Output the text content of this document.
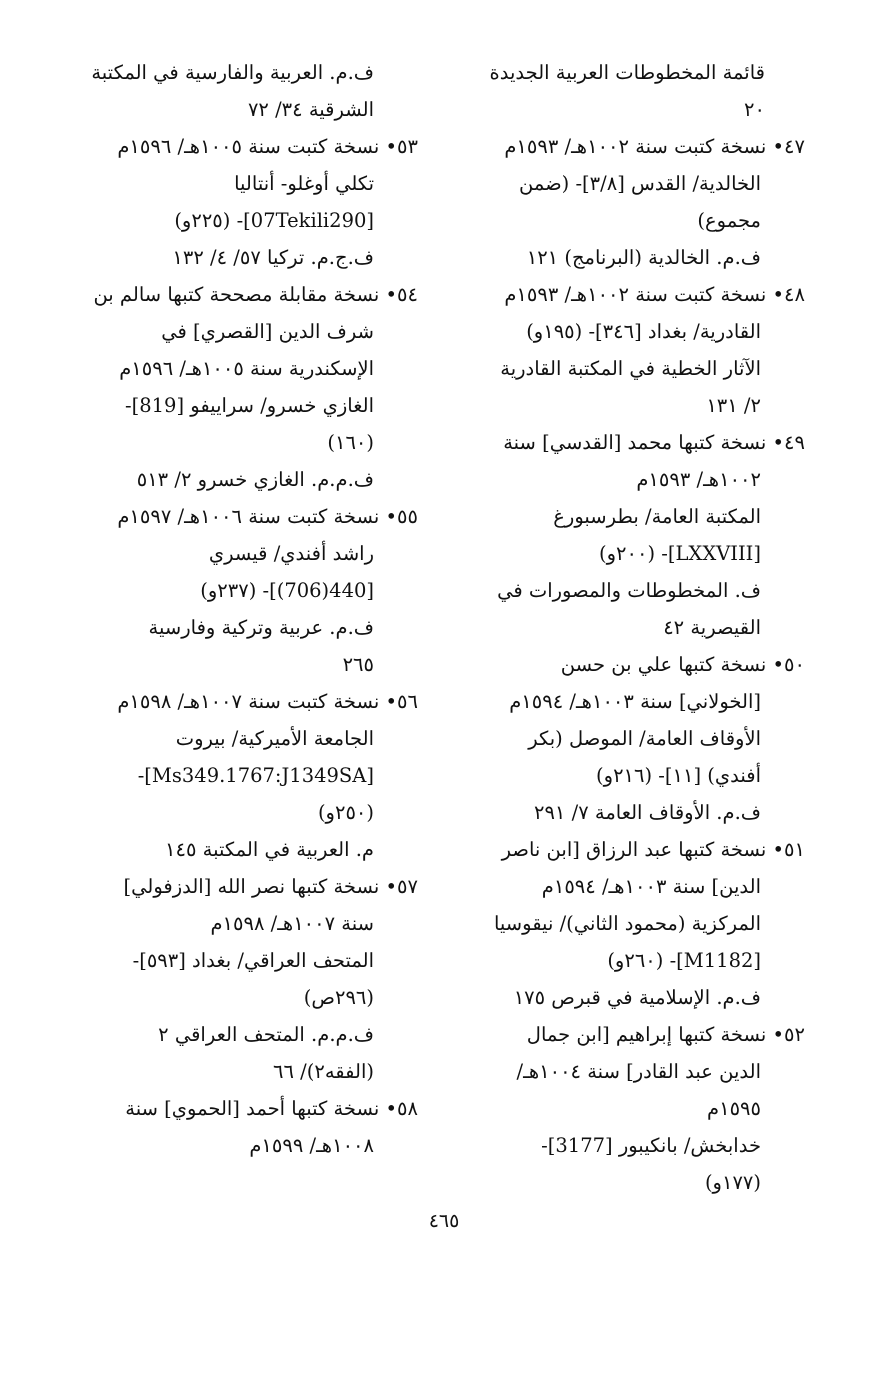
قائمة المخطوطات العربية الجديدة
٢٠
٤٧• نسخة كتبت سنة ١٠٠٢هـ/ ١٥٩٣م
الخالدية/ القدس [٣/٨]- (ضمن
مجموع)
ف.م. الخالدية (البرنامج) ١٢١
٤٨• نسخة كتبت سنة ١٠٠٢هـ/ ١٥٩٣م
القادرية/ بغداد [٣٤٦]- (١٩٥و)
الآثار الخطية في المكتبة القادرية
٢/ ١٣١
٤٩• نسخة كتبها محمد [القدسي] سنة
١٠٠٢هـ/ ١٥٩٣م
المكتبة العامة/ بطرسبورغ
[LXXVIII]- (٢٠٠و)
ف. المخطوطات والمصورات في
القيصرية ٤٢
٥٠• نسخة كتبها علي بن حسن
[الخولاني] سنة ١٠٠٣هـ/ ١٥٩٤م
الأوقاف العامة/ الموصل (بكر
أفندي) [١١]- (٢١٦و)
ف.م. الأوقاف العامة ٧/ ٢٩١
٥١• نسخة كتبها عبد الرزاق [ابن ناصر
الدين] سنة ١٠٠٣هـ/ ١٥٩٤م
المركزية (محمود الثاني)/ نيقوسيا
[M1182]- (٢٦٠و)
ف.م. الإسلامية في قبرص ١٧٥
٥٢• نسخة كتبها إبراهيم [ابن جمال
الدين عبد القادر] سنة ١٠٠٤هـ/
١٥٩٥م
خدابخش/ بانكيبور [3177]-
(١٧٧و)
ف.م. العربية والفارسية في المكتبة
الشرقية ٣٤/ ٧٢
٥٣• نسخة كتبت سنة ١٠٠٥هـ/ ١٥٩٦م
تكلي أوغلو- أنتاليا
[07Tekili290]- (٢٢٥و)
ف.ج.م. تركيا ٥٧/ ٤/ ١٣٢
٥٤• نسخة مقابلة مصححة كتبها سالم بن
شرف الدين [القصري] في
الإسكندرية سنة ١٠٠٥هـ/ ١٥٩٦م
الغازي خسرو/ سراييفو [819]-
(١٦٠)
ف.م.م. الغازي خسرو ٢/ ٥١٣
٥٥• نسخة كتبت سنة ١٠٠٦هـ/ ١٥٩٧م
راشد أفندي/ قيسري
[440(706)]- (٢٣٧و)
ف.م. عربية وتركية وفارسية
٢٦٥
٥٦• نسخة كتبت سنة ١٠٠٧هـ/ ١٥٩٨م
الجامعة الأميركية/ بيروت
[Ms349.1767:J1349SA]-
(٢٥٠و)
م. العربية في المكتبة ١٤٥
٥٧• نسخة كتبها نصر الله [الدزفولي]
سنة ١٠٠٧هـ/ ١٥٩٨م
المتحف العراقي/ بغداد [٥٩٣]-
(٢٩٦ص)
ف.م.م. المتحف العراقي ٢
(الفقه٢)/ ٦٦
٥٨• نسخة كتبها أحمد [الحموي] سنة
١٠٠٨هـ/ ١٥٩٩م
٤٦٥
